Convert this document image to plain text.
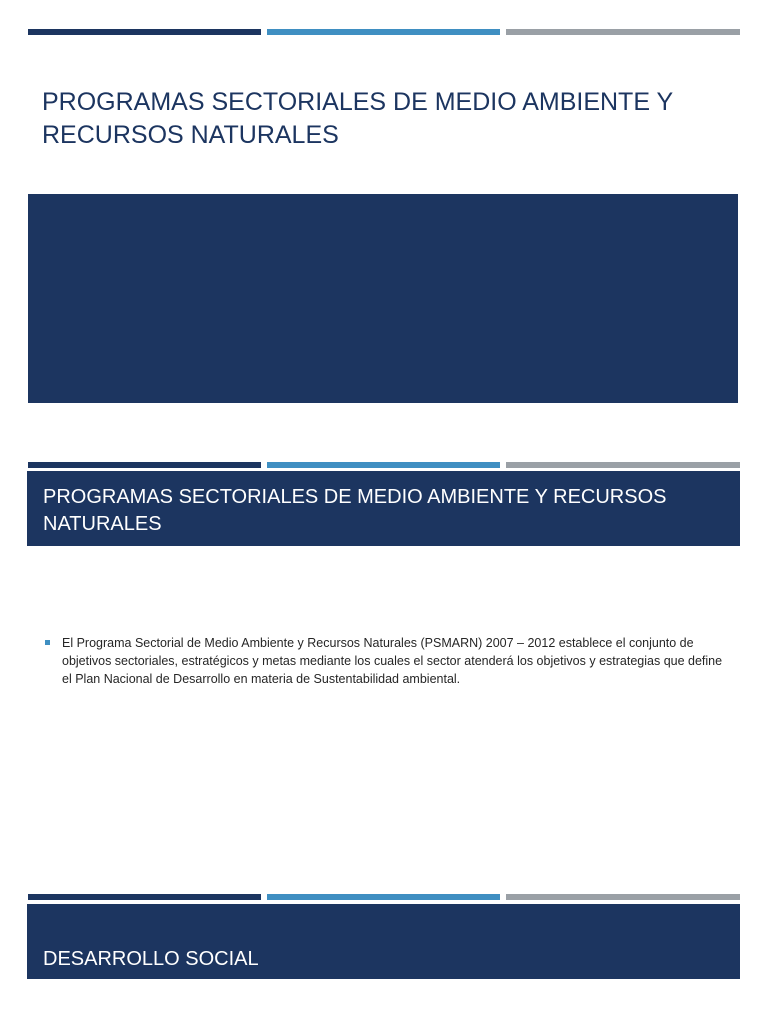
PROGRAMAS SECTORIALES DE MEDIO AMBIENTE Y RECURSOS NATURALES
PROGRAMAS SECTORIALES DE MEDIO AMBIENTE Y RECURSOS NATURALES
El Programa Sectorial de Medio Ambiente y Recursos Naturales (PSMARN) 2007 – 2012 establece el conjunto de objetivos sectoriales, estratégicos y metas mediante los cuales el sector atenderá los objetivos y estrategias que define el Plan Nacional de Desarrollo en materia de Sustentabilidad ambiental.
DESARROLLO SOCIAL
